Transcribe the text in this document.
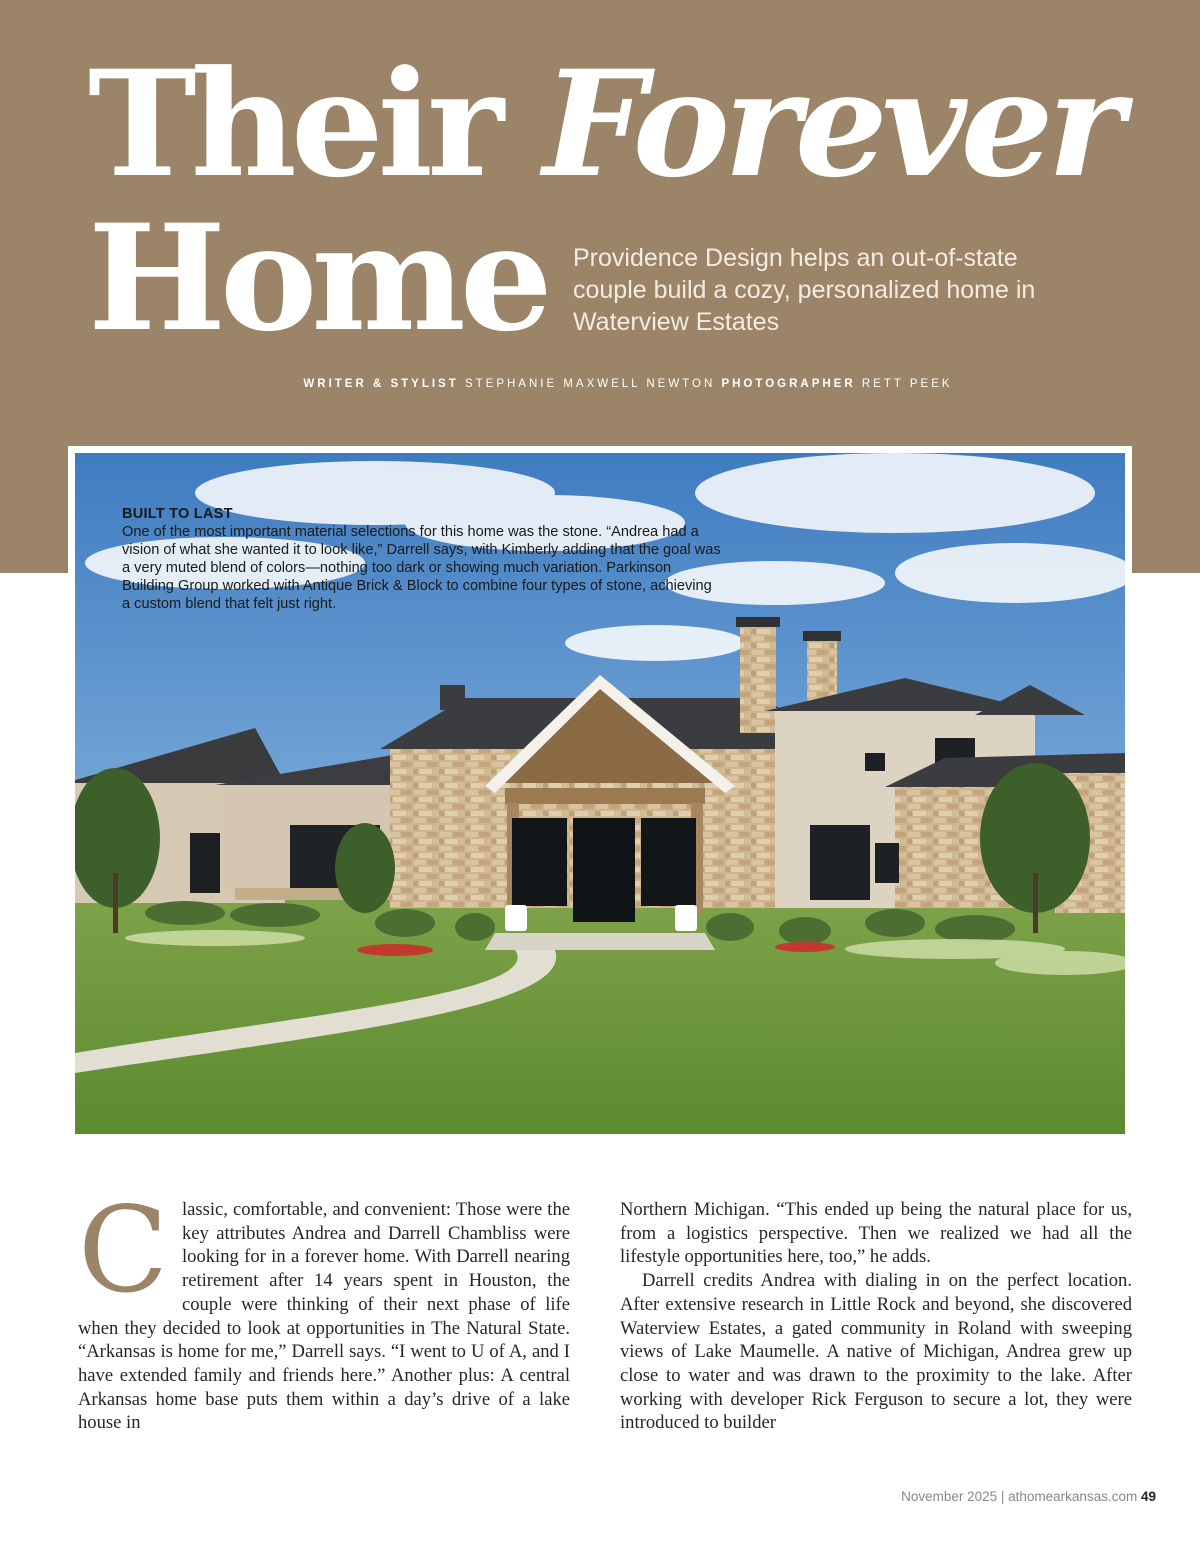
Their Forever
Home	Providence Design helps an out-of-state couple build a cozy, personalized home in Waterview Estates

WRITER & STYLIST STEPHANIE MAXWELL NEWTON PHOTOGRAPHER RETT PEEK
BUILT TO LAST
One of the most important material selections for this home was the stone. “Andrea had a vision of what she wanted it to look like,” Darrell says, with Kimberly adding that the goal was a very muted blend of colors—nothing too dark or showing much variation. Parkinson Building Group worked with Antique Brick & Block to combine four types of stone, achieving a custom blend that felt just right.

Classic, comfortable, and convenient: Those were the key attributes Andrea and Darrell Chambliss were looking for in a forever home. With Darrell nearing retirement after 14 years spent in Houston, the couple were thinking of their next phase of life when they decided to look at opportunities in The Natural State. “Arkansas is home for me,” Darrell says. “I went to U of A, and I have extended family and friends here.” Another plus: A central Arkansas home base puts them within a day’s drive of a lake house in

Northern Michigan. “This ended up being the natural place for us, from a logistics perspective. Then we realized we had all the lifestyle opportunities here, too,” he adds.

Darrell credits Andrea with dialing in on the perfect location. After extensive research in Little Rock and beyond, she discovered Waterview Estates, a gated community in Roland with sweeping views of Lake Maumelle. A native of Michigan, Andrea grew up close to water and was drawn to the proximity to the lake. After working with developer Rick Ferguson to secure a lot, they were introduced to builder

November 2025 | athomearkansas.com 49
